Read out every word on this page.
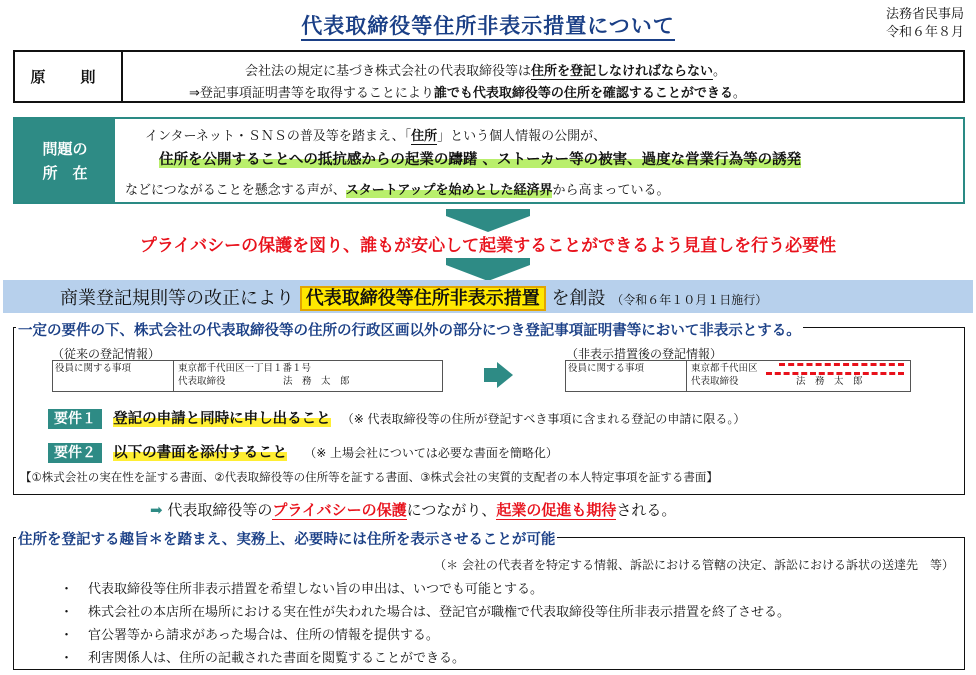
代表取締役等住所非表示措置について	法務省民事局
令和６年８月
原　則	会社法の規定に基づき株式会社の代表取締役等は住所を登記しなければならない。
⇒登記事項証明書等を取得することにより誰でも代表取締役等の住所を確認することができる。
問題の
所　在
インターネット・ＳＮＳの普及等を踏まえ、「住所」という個人情報の公開が、
住所を公開することへの抵抗感からの起業の躊躇 、ストーカー等の被害、過度な営業行為等の誘発
などにつながることを懸念する声が、スタートアップを始めとした経済界から高まっている。
プライバシーの保護を図り、誰もが安心して起業することができるよう見直しを行う必要性
商業登記規則等の改正により 代表取締役等住所非表示措置 を創設 （令和６年１０月１日施行）
一定の要件の下、株式会社の代表取締役等の住所の行政区画以外の部分につき登記事項証明書等において非表示とする。
（従来の登記情報）
役員に関する事項	東京都千代田区一丁目１番１号
代表取締役	法　務　太　郎
（非表示措置後の登記情報）
役員に関する事項	東京都千代田区
代表取締役	法　務　太　郎
要件１ 登記の申請と同時に申し出ること （※ 代表取締役等の住所が登記すべき事項に含まれる登記の申請に限る。）
要件２ 以下の書面を添付すること （※ 上場会社については必要な書面を簡略化）
【①株式会社の実在性を証する書面、②代表取締役等の住所等を証する書面、③株式会社の実質的支配者の本人特定事項を証する書面】
➡ 代表取締役等のプライバシーの保護につながり、起業の促進も期待される。
住所を登記する趣旨＊を踏まえ、実務上、必要時には住所を表示させることが可能
（＊ 会社の代表者を特定する情報、訴訟における管轄の決定、訴訟における訴状の送達先　等）
・ 代表取締役等住所非表示措置を希望しない旨の申出は、いつでも可能とする。
・ 株式会社の本店所在場所における実在性が失われた場合は、登記官が職権で代表取締役等住所非表示措置を終了させる。
・ 官公署等から請求があった場合は、住所の情報を提供する。
・ 利害関係人は、住所の記載された書面を閲覧することができる。
